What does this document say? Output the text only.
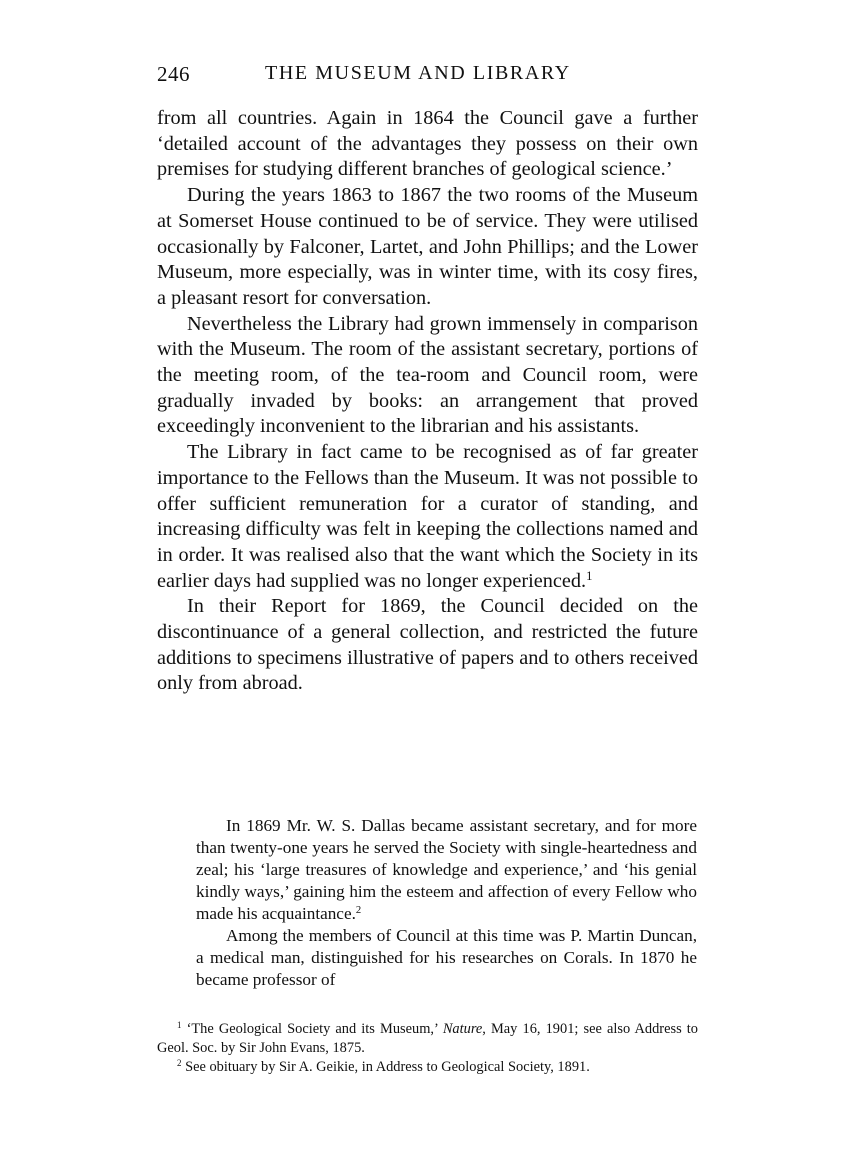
246	THE MUSEUM AND LIBRARY

from all countries. Again in 1864 the Council gave a further ‘detailed account of the advantages they possess on their own premises for studying different branches of geological science.’

During the years 1863 to 1867 the two rooms of the Museum at Somerset House continued to be of service. They were utilised occasionally by Falconer, Lartet, and John Phillips; and the Lower Museum, more especially, was in winter time, with its cosy fires, a pleasant resort for conversation.

Nevertheless the Library had grown immensely in comparison with the Museum. The room of the assistant secretary, portions of the meeting room, of the tea-room and Council room, were gradually invaded by books: an arrangement that proved exceedingly inconvenient to the librarian and his assistants.

The Library in fact came to be recognised as of far greater importance to the Fellows than the Museum. It was not possible to offer sufficient remuneration for a curator of standing, and increasing difficulty was felt in keeping the collections named and in order. It was realised also that the want which the Society in its earlier days had supplied was no longer experienced.$^1$

In their Report for 1869, the Council decided on the discontinuance of a general collection, and restricted the future additions to specimens illustrative of papers and to others received only from abroad.

In 1869 Mr. W. S. Dallas became assistant secretary, and for more than twenty-one years he served the Society with single-heartedness and zeal; his ‘large treasures of knowledge and experience,’ and ‘his genial kindly ways,’ gaining him the esteem and affection of every Fellow who made his acquaintance.$^2$

Among the members of Council at this time was P. Martin Duncan, a medical man, distinguished for his researches on Corals. In 1870 he became professor of

$^1$ ‘The Geological Society and its Museum,’ Nature, May 16, 1901; see also Address to Geol. Soc. by Sir John Evans, 1875.

$^2$ See obituary by Sir A. Geikie, in Address to Geological Society, 1891.
